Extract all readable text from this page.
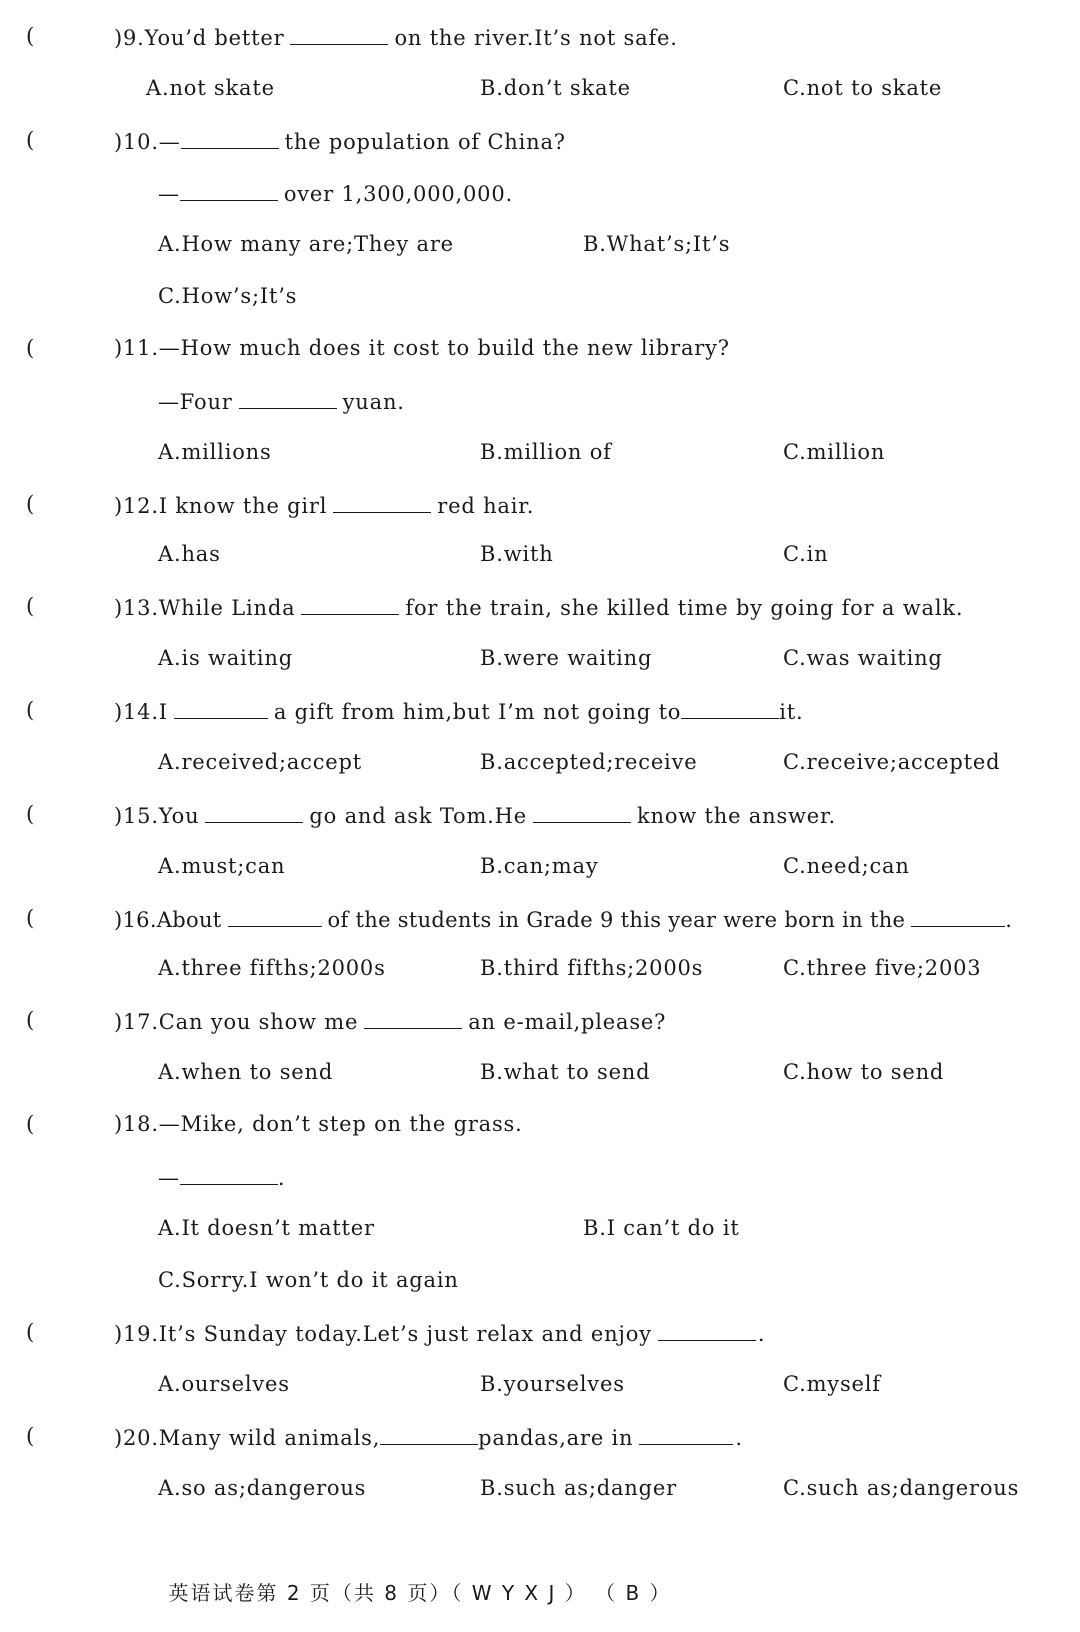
(	)9.You’d better	on the river.It’s not safe.
A.not skate	B.don’t skate	C.not to skate
(	)10.—	the population of China?
—	over 1,300,000,000.
A.How many are;They are	B.What’s;It’s
C.How’s;It’s
(	)11.—How much does it cost to build the new library?
—Four	yuan.
A.millions	B.million of	C.million
(	)12.I know the girl	red hair.
A.has	B.with	C.in
(	)13.While Linda	for the train, she killed time by going for a walk.
A.is waiting	B.were waiting	C.was waiting
(	)14.I	a gift from him,but I’m not going to	it.
A.received;accept	B.accepted;receive	C.receive;accepted
(	)15.You	go and ask Tom.He	know the answer.
A.must;can	B.can;may	C.need;can
(	)16.About	of the students in Grade 9 this year were born in the	.
A.three fifths;2000s	B.third fifths;2000s	C.three five;2003
(	)17.Can you show me	an e-mail,please?
A.when to send	B.what to send	C.how to send
(	)18.—Mike, don’t step on the grass.
—	.
A.It doesn’t matter	B.I can’t do it
C.Sorry.I won’t do it again
(	)19.It’s Sunday today.Let’s just relax and enjoy	.
A.ourselves	B.yourselves	C.myself
(	)20.Many wild animals,	pandas,are in	.
A.so as;dangerous	B.such as;danger	C.such as;dangerous
英语试卷第 2 页（共 8 页）（ W Y X J ） （ B ）
